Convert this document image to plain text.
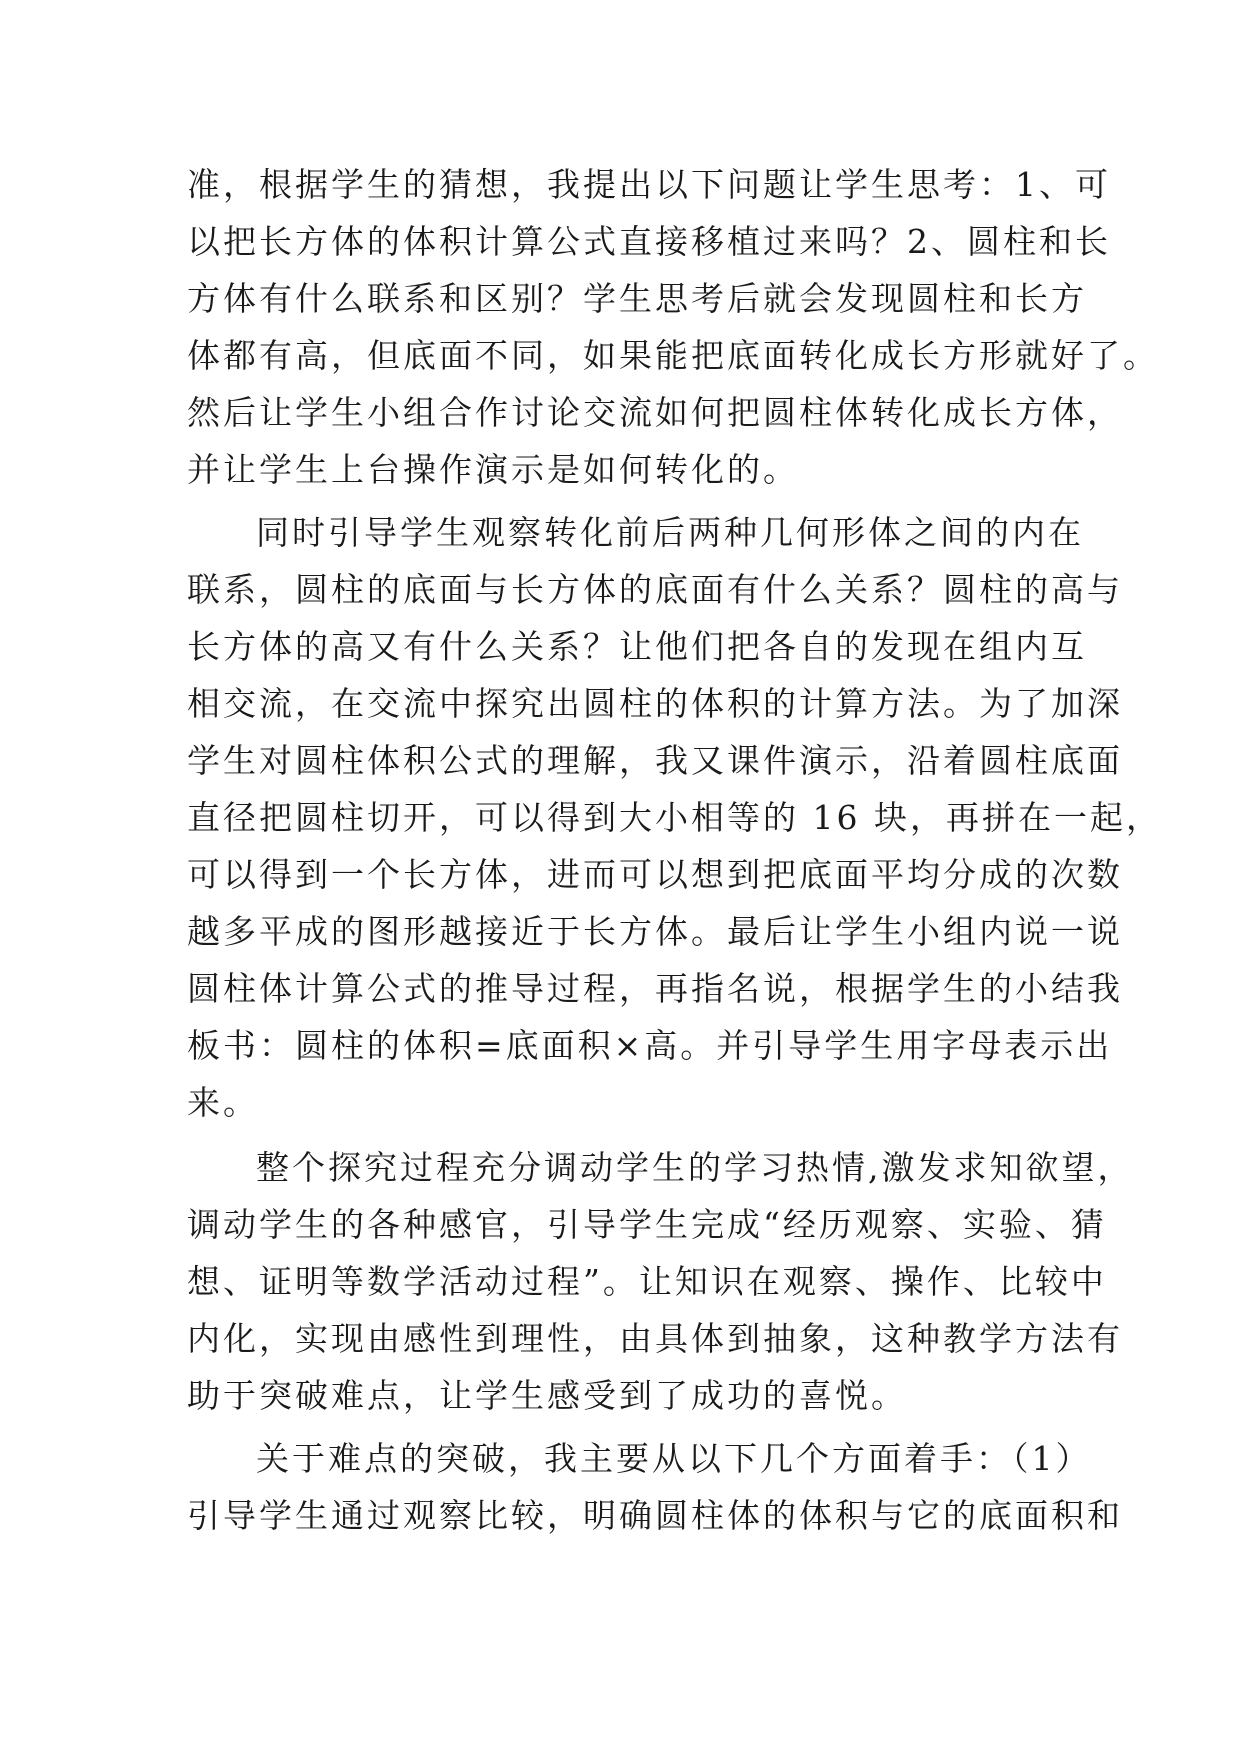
准，根据学生的猜想，我提出以下问题让学生思考：1、可
以把长方体的体积计算公式直接移植过来吗？2、圆柱和长
方体有什么联系和区别？学生思考后就会发现圆柱和长方
体都有高，但底面不同，如果能把底面转化成长方形就好了。
然后让学生小组合作讨论交流如何把圆柱体转化成长方体，
并让学生上台操作演示是如何转化的。
同时引导学生观察转化前后两种几何形体之间的内在
联系，圆柱的底面与长方体的底面有什么关系？圆柱的高与
长方体的高又有什么关系？让他们把各自的发现在组内互
相交流，在交流中探究出圆柱的体积的计算方法。为了加深
学生对圆柱体积公式的理解，我又课件演示，沿着圆柱底面
直径把圆柱切开，可以得到大小相等的 16 块，再拼在一起，
可以得到一个长方体，进而可以想到把底面平均分成的次数
越多平成的图形越接近于长方体。最后让学生小组内说一说
圆柱体计算公式的推导过程，再指名说，根据学生的小结我
板书：圆柱的体积=底面积×高。并引导学生用字母表示出
来。
整个探究过程充分调动学生的学习热情,激发求知欲望，
调动学生的各种感官，引导学生完成“经历观察、实验、猜
想、证明等数学活动过程”。让知识在观察、操作、比较中
内化，实现由感性到理性，由具体到抽象，这种教学方法有
助于突破难点，让学生感受到了成功的喜悦。
关于难点的突破，我主要从以下几个方面着手：（1）
引导学生通过观察比较，明确圆柱体的体积与它的底面积和
